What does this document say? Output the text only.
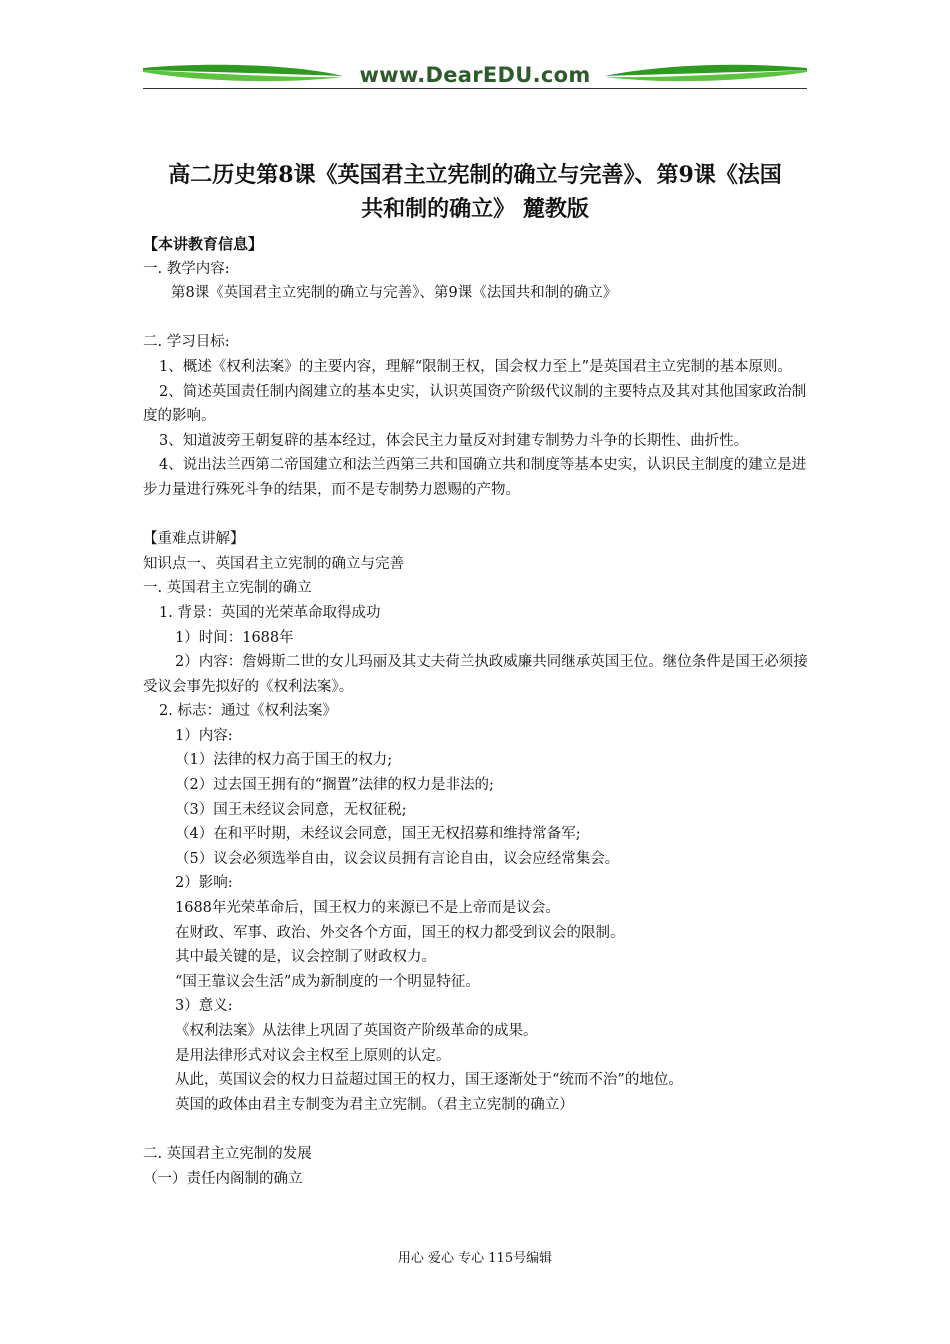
www.DearEDU.com
高二历史第8课《英国君主立宪制的确立与完善》、第9课《法国
共和制的确立》 麓教版

【本讲教育信息】

一. 教学内容:

第8课《英国君主立宪制的确立与完善》、第9课《法国共和制的确立》

二. 学习目标:

1、概述《权利法案》的主要内容，理解“限制王权，国会权力至上”是英国君主立宪制的基本原则。

2、简述英国责任制内阁建立的基本史实，认识英国资产阶级代议制的主要特点及其对其他国家政治制度的影响。

3、知道波旁王朝复辟的基本经过，体会民主力量反对封建专制势力斗争的长期性、曲折性。

4、说出法兰西第二帝国建立和法兰西第三共和国确立共和制度等基本史实，认识民主制度的建立是进步力量进行殊死斗争的结果，而不是专制势力恩赐的产物。

【重难点讲解】

知识点一、英国君主立宪制的确立与完善

一. 英国君主立宪制的确立

1. 背景：英国的光荣革命取得成功

1）时间：1688年

2）内容：詹姆斯二世的女儿玛丽及其丈夫荷兰执政威廉共同继承英国王位。继位条件是国王必须接受议会事先拟好的《权利法案》。

2. 标志：通过《权利法案》

1）内容:

（1）法律的权力高于国王的权力;

（2）过去国王拥有的“搁置”法律的权力是非法的;

（3）国王未经议会同意，无权征税;

（4）在和平时期，未经议会同意，国王无权招募和维持常备军;

（5）议会必须选举自由，议会议员拥有言论自由，议会应经常集会。

2）影响:

1688年光荣革命后，国王权力的来源已不是上帝而是议会。

在财政、军事、政治、外交各个方面，国王的权力都受到议会的限制。

其中最关键的是，议会控制了财政权力。

“国王靠议会生活”成为新制度的一个明显特征。

3）意义:

《权利法案》从法律上巩固了英国资产阶级革命的成果。

是用法律形式对议会主权至上原则的认定。

从此，英国议会的权力日益超过国王的权力，国王逐渐处于“统而不治”的地位。

英国的政体由君主专制变为君主立宪制。（君主立宪制的确立）

二. 英国君主立宪制的发展

（一）责任内阁制的确立

用心 爱心 专心 115号编辑
